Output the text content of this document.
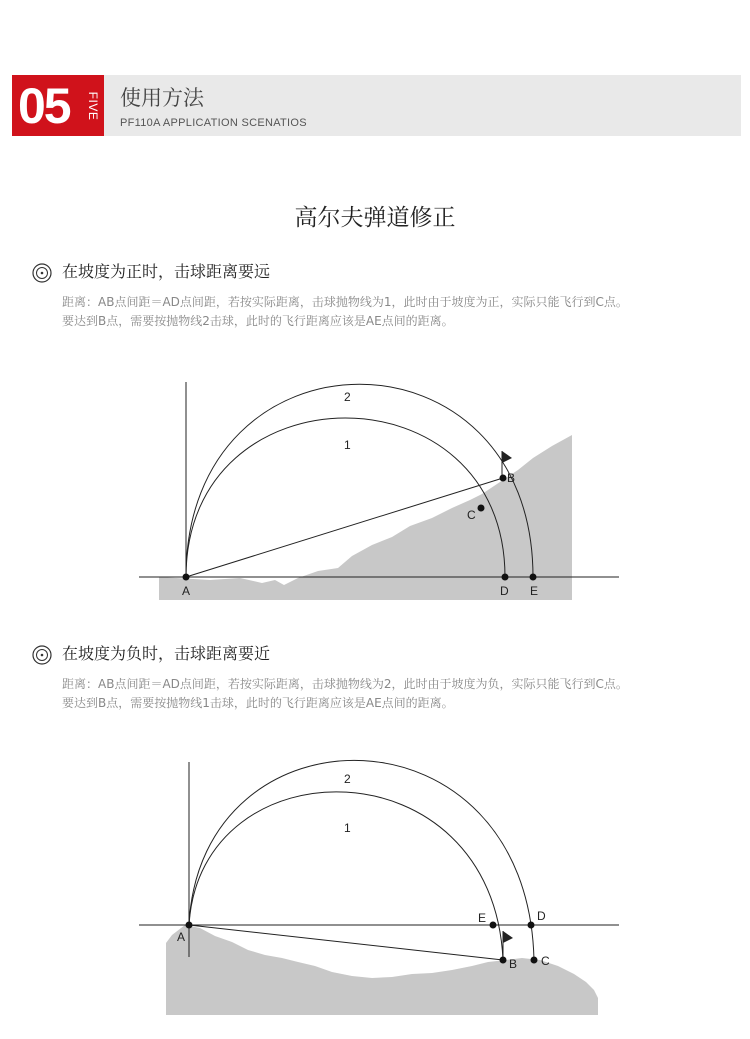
05 FIVE 使用方法
PF110A APPLICATION SCENATIOS
高尔夫弹道修正
在坡度为正时，击球距离要远
距离：AB点间距＝AD点间距，若按实际距离，击球抛物线为1，此时由于坡度为正，实际只能飞行到C点。
要达到B点，需要按抛物线2击球，此时的飞行距离应该是AE点间的距离。
2
1
A
B
C
D E
在坡度为负时，击球距离要近
距离：AB点间距＝AD点间距，若按实际距离，击球抛物线为2，此时由于坡度为负，实际只能飞行到C点。
要达到B点，需要按抛物线1击球，此时的飞行距离应该是AE点间的距离。
2
1
A
B C
D
E
